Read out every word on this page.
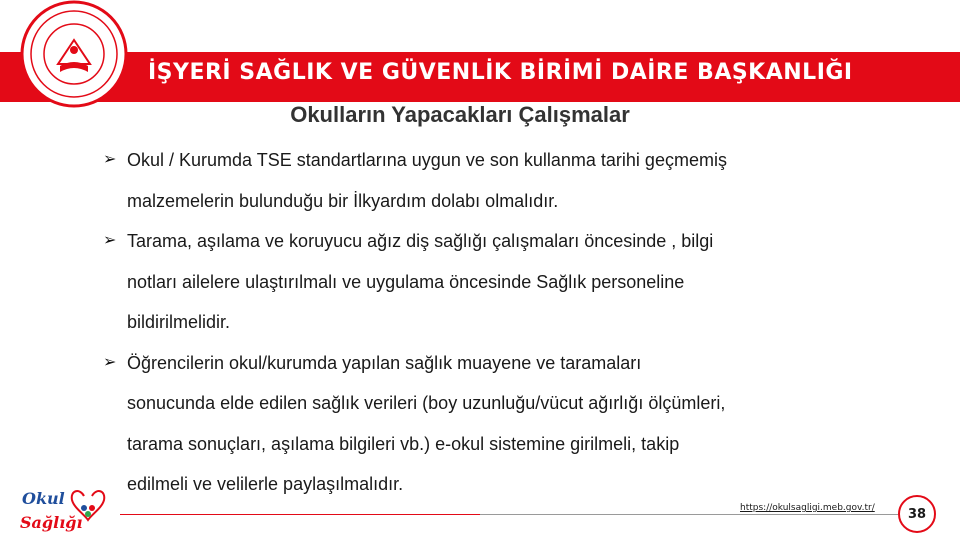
İŞYERİ SAĞLIK VE GÜVENLİK BİRİMİ DAİRE BAŞKANLIĞI
Okulların Yapacakları Çalışmalar
➢ Okul / Kurumda TSE standartlarına uygun ve son kullanma tarihi geçmemiş
malzemelerin bulunduğu bir İlkyardım dolabı olmalıdır.
➢ Tarama, aşılama ve koruyucu ağız diş sağlığı çalışmaları öncesinde , bilgi
notları ailelere ulaştırılmalı ve uygulama öncesinde Sağlık personeline
bildirilmelidir.
➢ Öğrencilerin okul/kurumda yapılan sağlık muayene ve taramaları
sonucunda elde edilen sağlık verileri (boy uzunluğu/vücut ağırlığı ölçümleri,
tarama sonuçları, aşılama bilgileri vb.) e-okul sistemine girilmeli, takip
edilmeli ve velilerle paylaşılmalıdır.
Okul
Sağlığı
https://okulsagligi.meb.gov.tr/	38
